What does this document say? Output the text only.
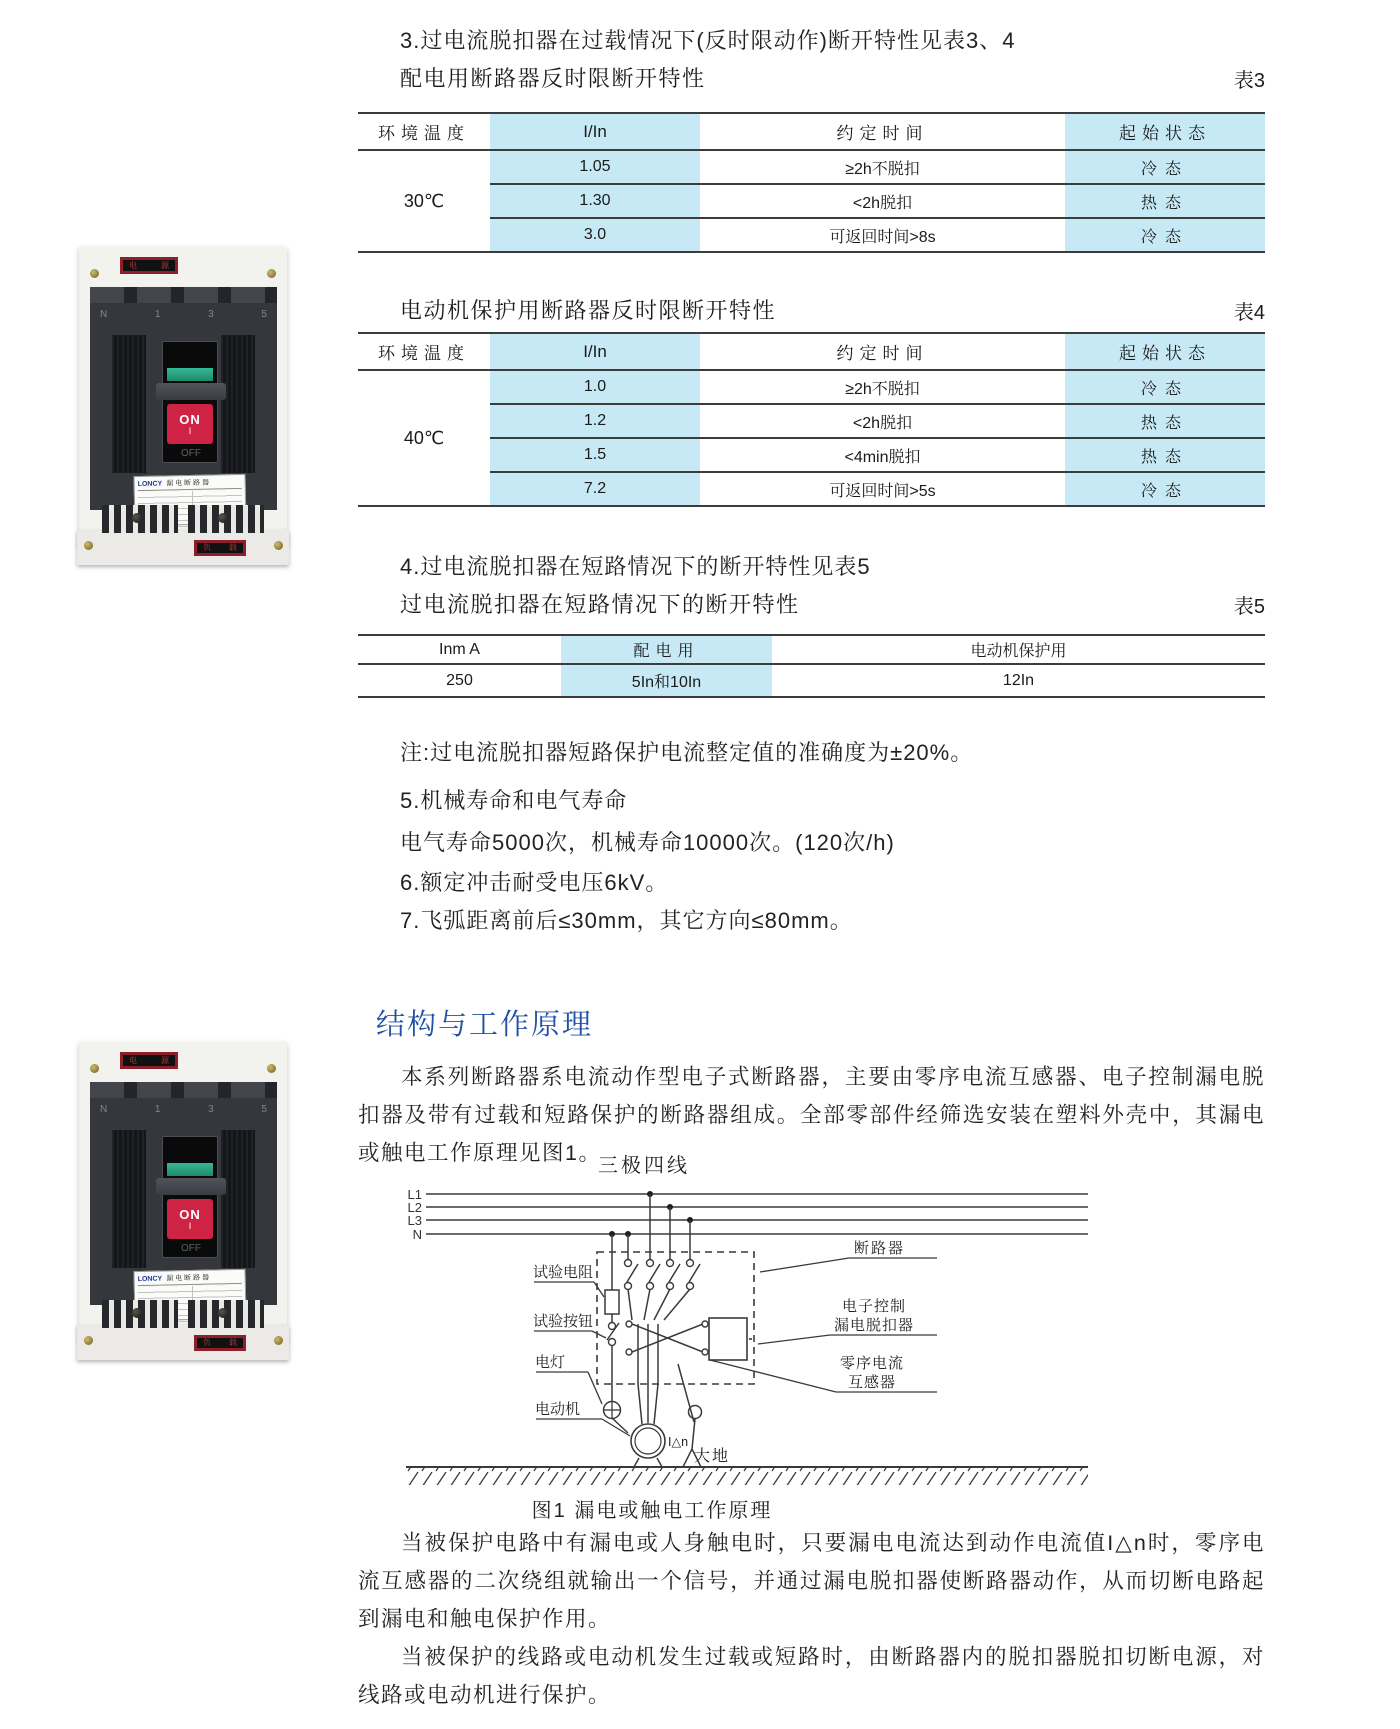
3.过电流脱扣器在过载情况下(反时限动作)断开特性见表3、4
配电用断路器反时限断开特性	表3
环境温度	I/In	约定时间	起始状态
30℃	1.05	≥2h不脱扣	冷态
	1.30	<2h脱扣	热态
	3.0	可返回时间>8s	冷态
电动机保护用断路器反时限断开特性	表4
环境温度	I/In	约定时间	起始状态
40℃	1.0	≥2h不脱扣	冷态
	1.2	<2h脱扣	热态
	1.5	<4min脱扣	热态
	7.2	可返回时间>5s	冷态
4.过电流脱扣器在短路情况下的断开特性见表5
过电流脱扣器在短路情况下的断开特性	表5
Inm A	配电用	电动机保护用
250	5In和10In	12In
注:过电流脱扣器短路保护电流整定值的准确度为±20%。
5.机械寿命和电气寿命
电气寿命5000次，机械寿命10000次。(120次/h)
6.额定冲击耐受电压6kV。
7.飞弧距离前后≤30mm，其它方向≤80mm。
结构与工作原理
本系列断路器系电流动作型电子式断路器，主要由零序电流互感器、电子控制漏电脱扣器及带有过载和短路保护的断路器组成。全部零部件经筛选安装在塑料外壳中，其漏电或触电工作原理见图1。
三极四线
L1
L2
L3
N
I△n
大地
试验电阻
试验按钮
电灯
电动机
断路器
电子控制
漏电脱扣器
零序电流
互感器
图1 漏电或触电工作原理
当被保护电路中有漏电或人身触电时，只要漏电电流达到动作电流值I△n时，零序电流互感器的二次绕组就输出一个信号，并通过漏电脱扣器使断路器动作，从而切断电路起到漏电和触电保护作用。
当被保护的线路或电动机发生过载或短路时，由断路器内的脱扣器脱扣切断电源，对线路或电动机进行保护。
电	源
N	1	3	5
ON
I
OFF
LONCY 漏电断路器
负 载
电	源
N	1	3	5
ON
I
OFF
LONCY 漏电断路器
负 载
